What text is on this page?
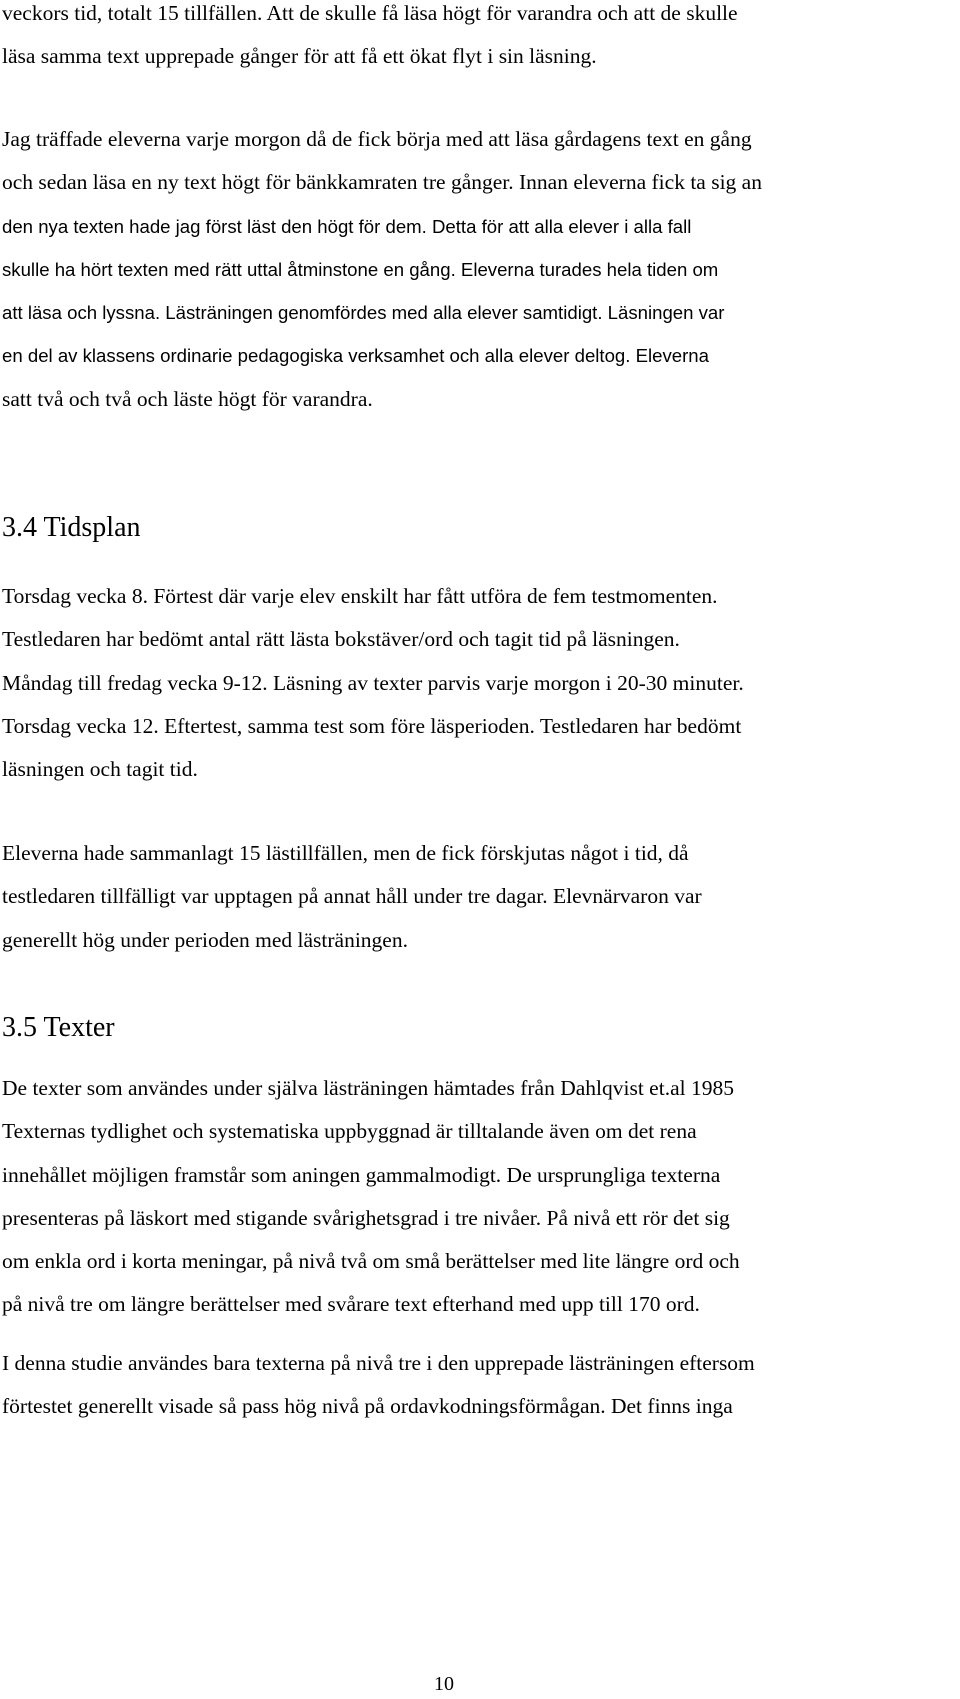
veckors tid, totalt 15 tillfällen. Att de skulle få läsa högt för varandra och att de skulle
läsa samma text upprepade gånger för att få ett ökat flyt i sin läsning.

Jag träffade eleverna varje morgon då de fick börja med att läsa gårdagens text en gång
och sedan läsa en ny text högt för bänkkamraten tre gånger. Innan eleverna fick ta sig an
den nya texten hade jag först läst den högt för dem. Detta för att alla elever i alla fall
skulle ha hört texten med rätt uttal åtminstone en gång. Eleverna turades hela tiden om
att läsa och lyssna. Lästräningen genomfördes med alla elever samtidigt. Läsningen var
en del av klassens ordinarie pedagogiska verksamhet och alla elever deltog. Eleverna
satt två och två och läste högt för varandra.

3.4 Tidsplan

Torsdag vecka 8. Förtest där varje elev enskilt har fått utföra de fem testmomenten.
Testledaren har bedömt antal rätt lästa bokstäver/ord och tagit tid på läsningen.
Måndag till fredag vecka 9-12. Läsning av texter parvis varje morgon i 20-30 minuter.
Torsdag vecka 12. Eftertest, samma test som före läsperioden. Testledaren har bedömt
läsningen och tagit tid.

Eleverna hade sammanlagt 15 lästillfällen, men de fick förskjutas något i tid, då
testledaren tillfälligt var upptagen på annat håll under tre dagar. Elevnärvaron var
generellt hög under perioden med lästräningen.

3.5 Texter

De texter som användes under själva lästräningen hämtades från Dahlqvist et.al 1985
Texternas tydlighet och systematiska uppbyggnad är tilltalande även om det rena
innehållet möjligen framstår som aningen gammalmodigt. De ursprungliga texterna
presenteras på läskort med stigande svårighetsgrad i tre nivåer. På nivå ett rör det sig
om enkla ord i korta meningar, på nivå två om små berättelser med lite längre ord och
på nivå tre om längre berättelser med svårare text efterhand med upp till 170 ord.

I denna studie användes bara texterna på nivå tre i den upprepade lästräningen eftersom
förtestet generellt visade så pass hög nivå på ordavkodningsförmågan. Det finns inga

10
